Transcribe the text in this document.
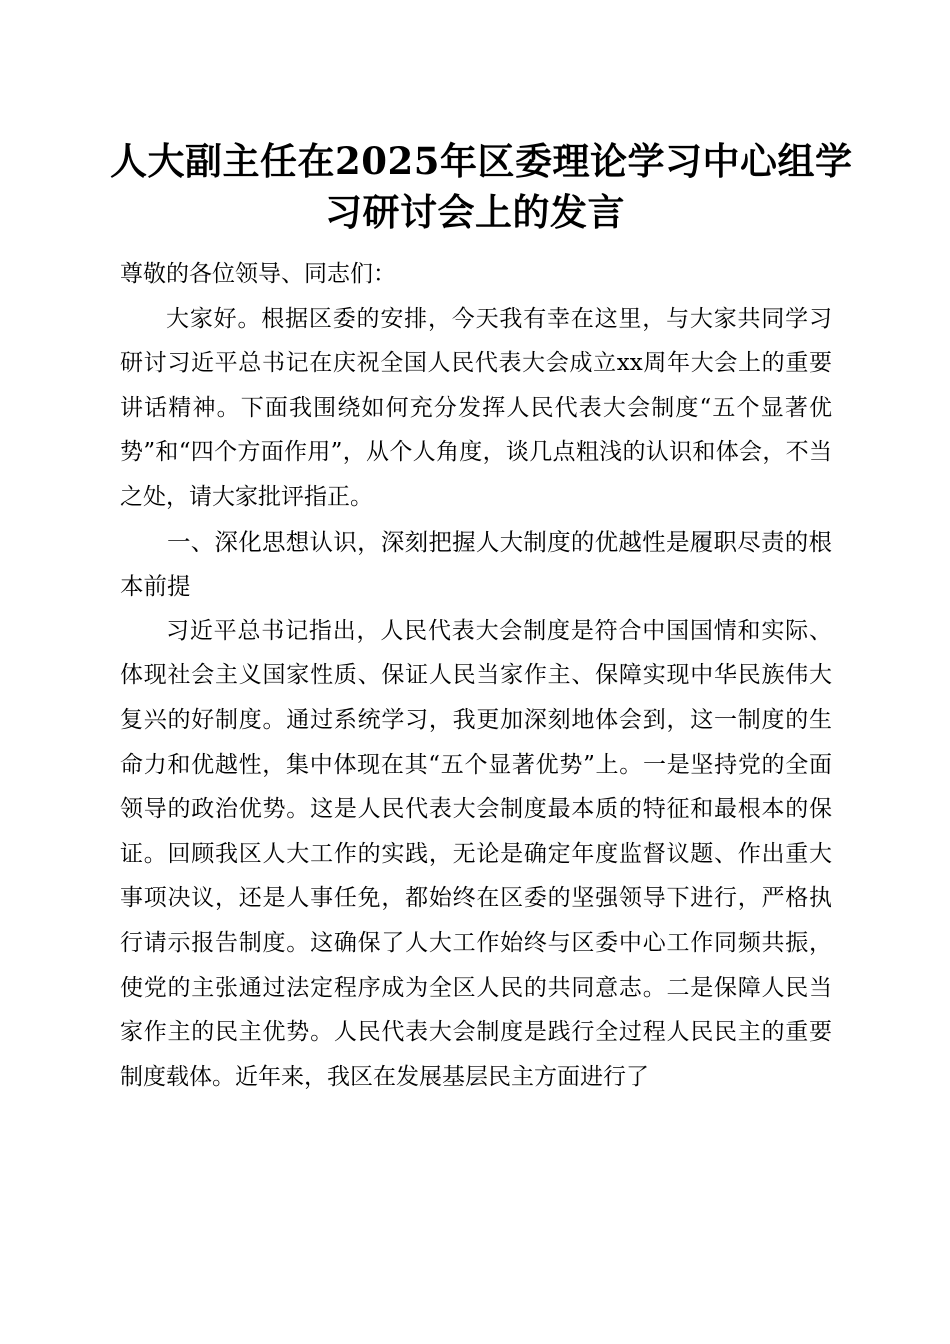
人大副主任在2025年区委理论学习中心组学
习研讨会上的发言

尊敬的各位领导、同志们：

大家好。根据区委的安排，今天我有幸在这里，与大家共同学习研讨习近平总书记在庆祝全国人民代表大会成立xx周年大会上的重要讲话精神。下面我围绕如何充分发挥人民代表大会制度“五个显著优势”和“四个方面作用”，从个人角度，谈几点粗浅的认识和体会，不当之处，请大家批评指正。

一、深化思想认识，深刻把握人大制度的优越性是履职尽责的根本前提

习近平总书记指出，人民代表大会制度是符合中国国情和实际、体现社会主义国家性质、保证人民当家作主、保障实现中华民族伟大复兴的好制度。通过系统学习，我更加深刻地体会到，这一制度的生命力和优越性，集中体现在其“五个显著优势”上。一是坚持党的全面领导的政治优势。这是人民代表大会制度最本质的特征和最根本的保证。回顾我区人大工作的实践，无论是确定年度监督议题、作出重大事项决议，还是人事任免，都始终在区委的坚强领导下进行，严格执行请示报告制度。这确保了人大工作始终与区委中心工作同频共振，使党的主张通过法定程序成为全区人民的共同意志。二是保障人民当家作主的民主优势。人民代表大会制度是践行全过程人民民主的重要制度载体。近年来，我区在发展基层民主方面进行了
